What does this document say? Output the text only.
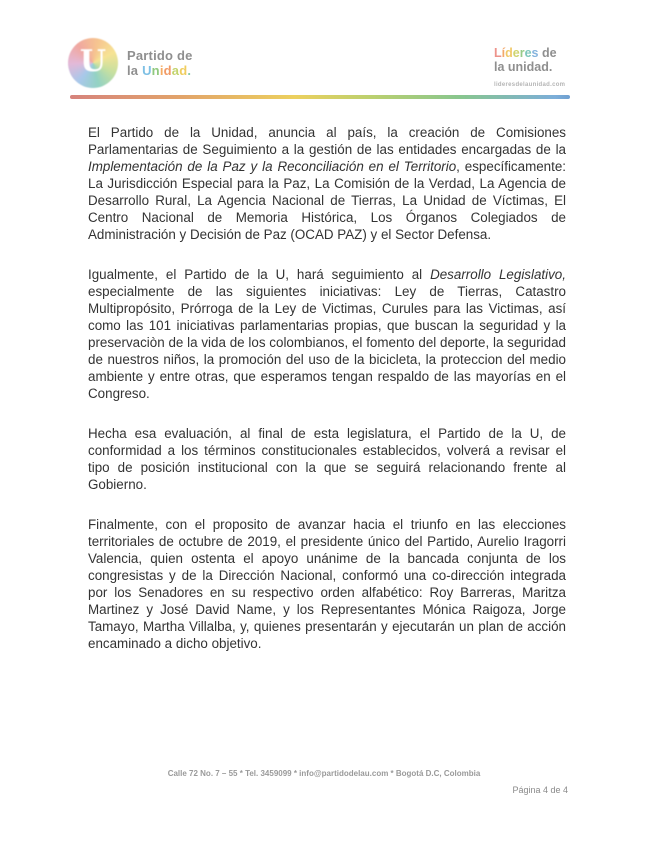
U Partido de
la Unidad.
Líderes de
la unidad.
lideresdelaunidad.com

El Partido de la Unidad, anuncia al país, la creación de Comisiones Parlamentarias de Seguimiento a la gestión de las entidades encargadas de la Implementación de la Paz y la Reconciliación en el Territorio, específicamente: La Jurisdicción Especial para la Paz, La Comisión de la Verdad, La Agencia de Desarrollo Rural, La Agencia Nacional de Tierras, La Unidad de Víctimas, El Centro Nacional de Memoria Histórica, Los Órganos Colegiados de Administración y Decisión de Paz (OCAD PAZ) y el Sector Defensa.

Igualmente, el Partido de la U, hará seguimiento al Desarrollo Legislativo, especialmente de las siguientes iniciativas: Ley de Tierras, Catastro Multipropósito, Prórroga de la Ley de Victimas, Curules para las Victimas, así como las 101 iniciativas parlamentarias propias, que buscan la seguridad y la preservaciòn de la vida de los colombianos, el fomento del deporte, la seguridad de nuestros niños, la promoción del uso de la bicicleta, la proteccion del medio ambiente y entre otras, que esperamos tengan respaldo de las mayorías en el Congreso.

Hecha esa evaluación, al final de esta legislatura, el Partido de la U, de conformidad a los términos constitucionales establecidos, volverá a revisar el tipo de posición institucional con la que se seguirá relacionando frente al Gobierno.

Finalmente, con el proposito de avanzar hacia el triunfo en las elecciones territoriales de octubre de 2019, el presidente único del Partido, Aurelio Iragorri Valencia, quien ostenta el apoyo unánime de la bancada conjunta de los congresistas y de la Dirección Nacional, conformó una co-dirección integrada por los Senadores en su respectivo orden alfabético: Roy Barreras, Maritza Martinez y José David Name, y los Representantes Mónica Raigoza, Jorge Tamayo, Martha Villalba, y, quienes presentarán y ejecutarán un plan de acción encaminado a dicho objetivo.

Calle 72 No. 7 – 55 * Tel. 3459099 * info@partidodelau.com * Bogotá D.C, Colombia
Página 4 de 4
